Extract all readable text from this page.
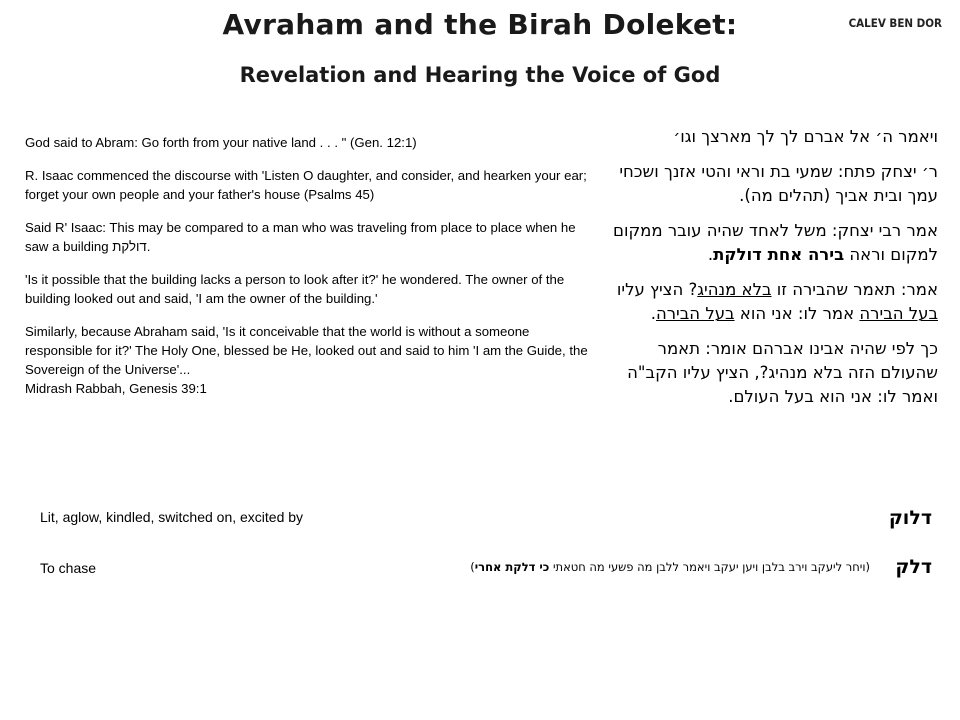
Avraham and the Birah Doleket:
Revelation and Hearing the Voice of God
CALEV BEN DOR

God said to Abram: Go forth from your native land . . . " (Gen. 12:1)

R. Isaac commenced the discourse with 'Listen O daughter, and consider, and hearken your ear; forget your own people and your father's house (Psalms 45)

Said R' Isaac: This may be compared to a man who was traveling from place to place when he saw a building דולקת.

'Is it possible that the building lacks a person to look after it?' he wondered. The owner of the building looked out and said, 'I am the owner of the building.'

Similarly, because Abraham said, 'Is it conceivable that the world is without a someone responsible for it?' The Holy One, blessed be He, looked out and said to him 'I am the Guide, the Sovereign of the Universe'...

Midrash Rabbah, Genesis 39:1

ויאמר ה׳ אל אברם לך לך מארצך וגו׳

ר׳ יצחק פתח: שמעי בת וראי והטי אזנך ושכחי עמך ובית אביך (תהלים מה).

אמר רבי יצחק: משל לאחד שהיה עובר ממקום למקום וראה בירה אחת דולקת.

אמר: תאמר שהבירה זו בלא מנהיג? הציץ עליו בעל הבירה אמר לו: אני הוא בעל הבירה.

כך לפי שהיה אבינו אברהם אומר: תאמר שהעולם הזה בלא מנהיג?, הציץ עליו הקב"ה ואמר לו: אני הוא בעל העולם.

Lit, aglow, kindled, switched on, excited by	דלוק
To chase	דלק
(ויחר ליעקב וירב בלבן ויען יעקב ויאמר ללבן מה פשעי מה חטאתי כי דלקת אחרי)
